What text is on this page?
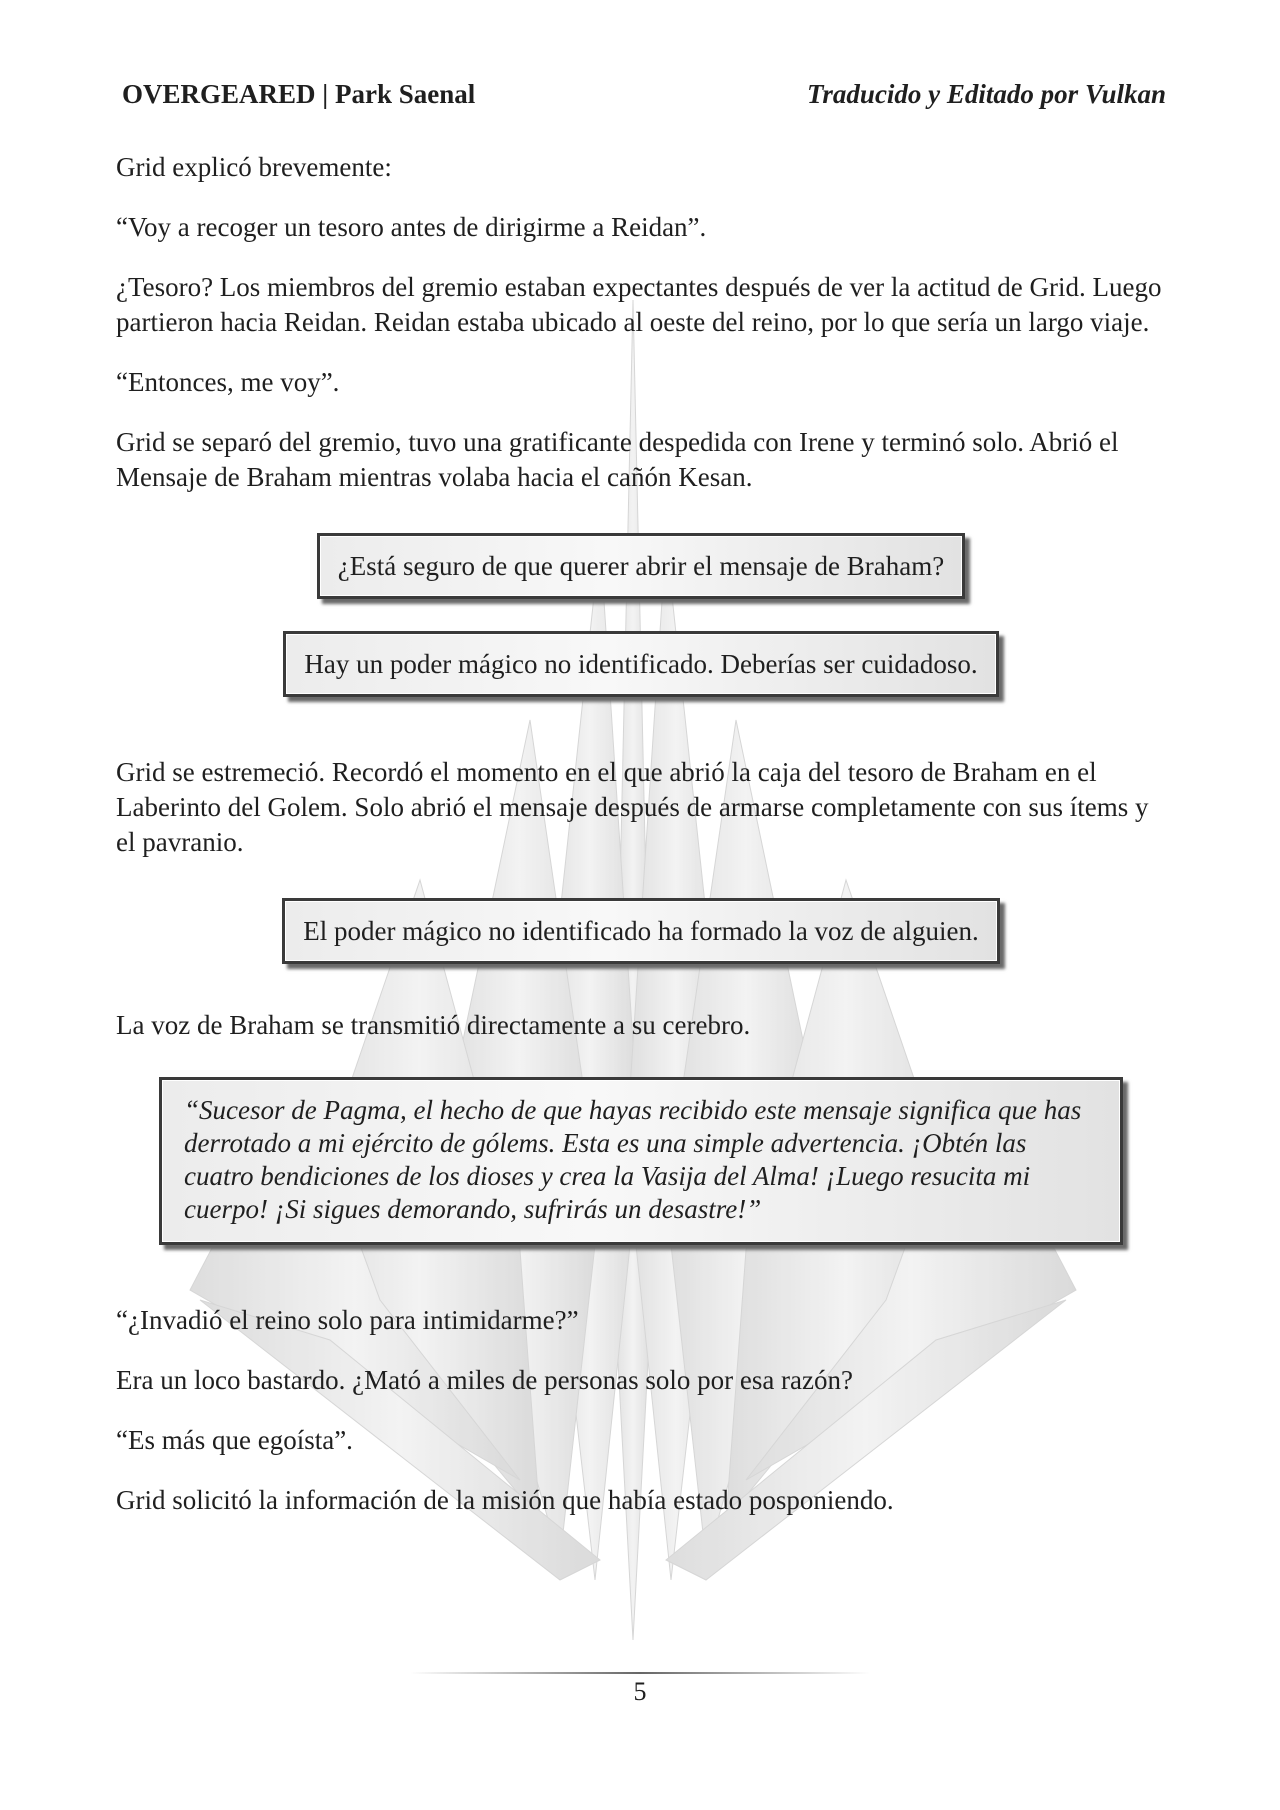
OVERGEARED | Park Saenal	Traducido y Editado por Vulkan

Grid explicó brevemente:

“Voy a recoger un tesoro antes de dirigirme a Reidan”.

¿Tesoro? Los miembros del gremio estaban expectantes después de ver la actitud de Grid. Luego partieron hacia Reidan. Reidan estaba ubicado al oeste del reino, por lo que sería un largo viaje.

“Entonces, me voy”.

Grid se separó del gremio, tuvo una gratificante despedida con Irene y terminó solo. Abrió el Mensaje de Braham mientras volaba hacia el cañón Kesan.

¿Está seguro de que querer abrir el mensaje de Braham?
Hay un poder mágico no identificado. Deberías ser cuidadoso.

Grid se estremeció. Recordó el momento en el que abrió la caja del tesoro de Braham en el Laberinto del Golem. Solo abrió el mensaje después de armarse completamente con sus ítems y el pavranio.

El poder mágico no identificado ha formado la voz de alguien.

La voz de Braham se transmitió directamente a su cerebro.

“Sucesor de Pagma, el hecho de que hayas recibido este mensaje significa que has derrotado a mi ejército de gólems. Esta es una simple advertencia. ¡Obtén las cuatro bendiciones de los dioses y crea la Vasija del Alma! ¡Luego resucita mi cuerpo! ¡Si sigues demorando, sufrirás un desastre!”

“¿Invadió el reino solo para intimidarme?”

Era un loco bastardo. ¿Mató a miles de personas solo por esa razón?

“Es más que egoísta”.

Grid solicitó la información de la misión que había estado posponiendo.

5
